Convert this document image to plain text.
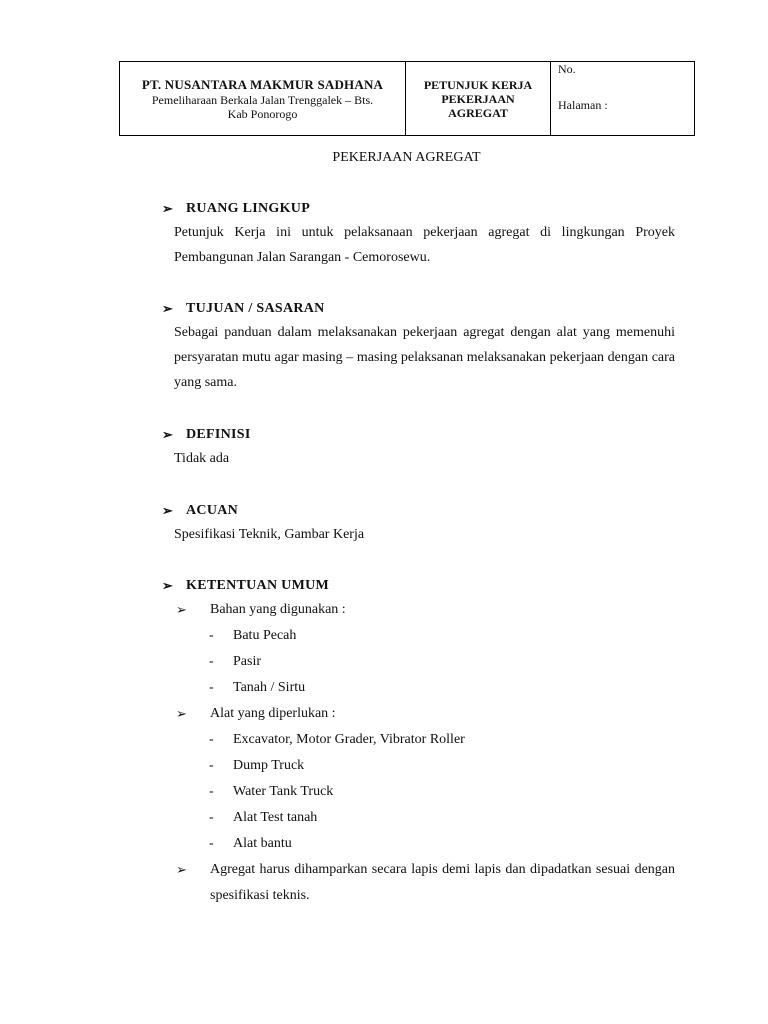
PT. NUSANTARA MAKMUR SADHANA
Pemeliharaan Berkala Jalan Trenggalek – Bts.
Kab Ponorogo
PETUNJUK KERJA
PEKERJAAN
AGREGAT
No.
Halaman :
PEKERJAAN AGREGAT
➢ RUANG LINGKUP
Petunjuk Kerja ini untuk pelaksanaan pekerjaan agregat di lingkungan Proyek Pembangunan Jalan Sarangan - Cemorosewu.
➢ TUJUAN / SASARAN
Sebagai panduan dalam melaksanakan pekerjaan agregat dengan alat yang memenuhi persyaratan mutu agar masing – masing pelaksanan melaksanakan pekerjaan dengan cara yang sama.
➢ DEFINISI
Tidak ada
➢ ACUAN
Spesifikasi Teknik, Gambar Kerja
➢ KETENTUAN UMUM
➢	Bahan yang digunakan :
-	Batu Pecah
-	Pasir
-	Tanah / Sirtu
➢	Alat yang diperlukan :
-	Excavator, Motor Grader, Vibrator Roller
-	Dump Truck
-	Water Tank Truck
-	Alat Test tanah
-	Alat bantu
➢	Agregat harus dihamparkan secara lapis demi lapis dan dipadatkan sesuai dengan spesifikasi teknis.
